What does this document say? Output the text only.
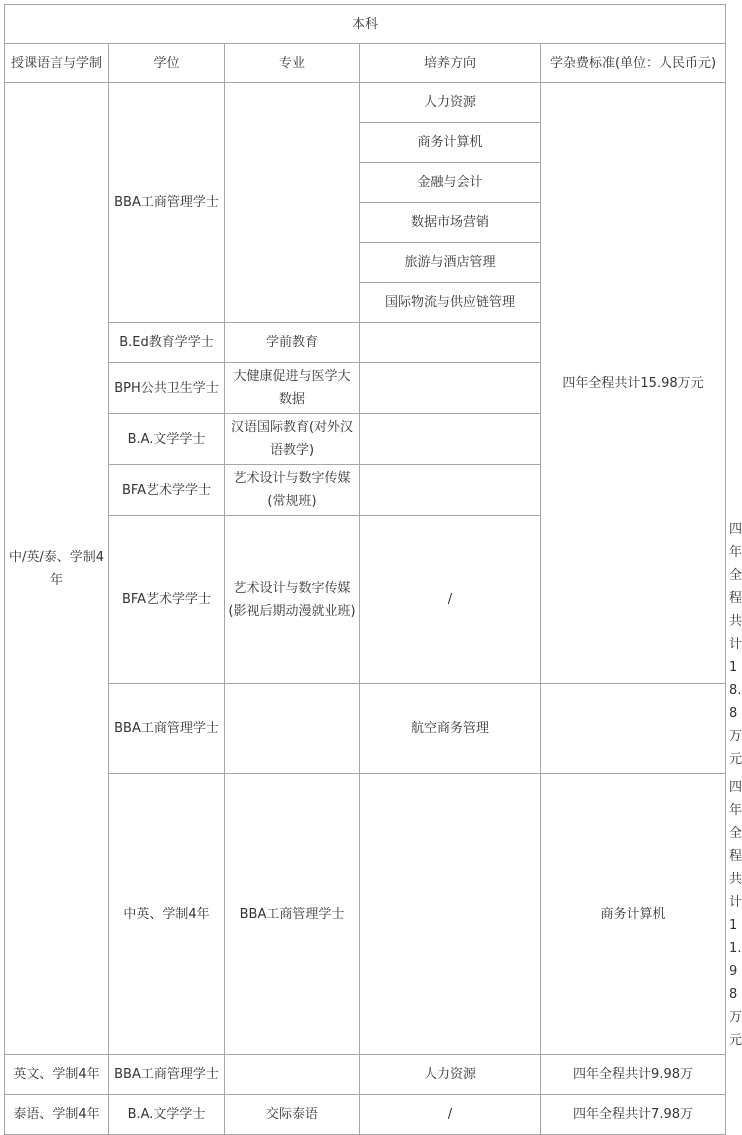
本科					
授课语言与学制	学位	专业	培养方向	学杂费标准(单位：人民币元)	
中/英/泰、学制4年	BBA工商管理学士		人力资源	四年全程共计15.98万元	
			商务计算机		
			金融与会计		
			数据市场营销		
			旅游与酒店管理		
			国际物流与供应链管理		
	B.Ed教育学学士	学前教育			
	BPH公共卫生学士	大健康促进与医学大数据			
	B.A.文学学士	汉语国际教育(对外汉语教学)			
	BFA艺术学学士	艺术设计与数字传媒(常规班)			
	BFA艺术学学士	艺术设计与数字传媒(影视后期动漫就业班)	/		四年全程共计18.8万元
	BBA工商管理学士		航空商务管理		
	中英、学制4年	BBA工商管理学士		商务计算机	四年全程共计11.98万元
英文、学制4年	BBA工商管理学士		人力资源	四年全程共计9.98万	
泰语、学制4年	B.A.文学学士	交际泰语	/	四年全程共计7.98万	
